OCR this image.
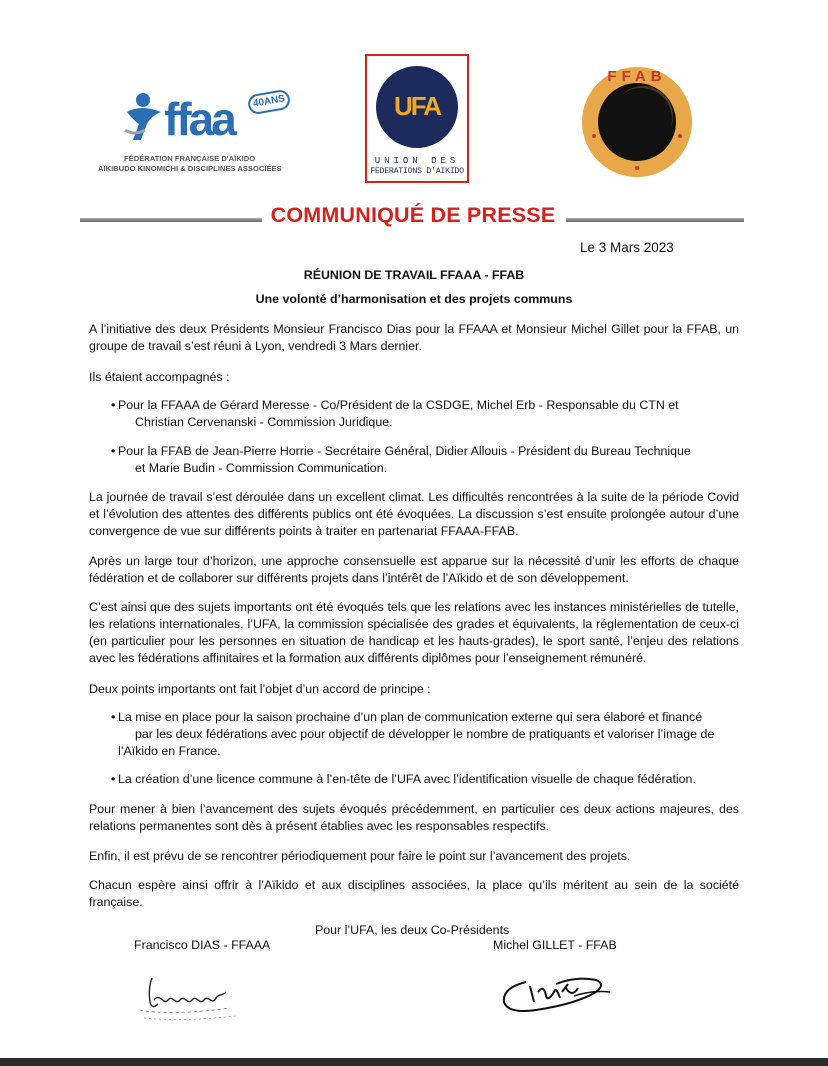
ffaa	40ANS
FÉDÉRATION FRANÇAISE D'AÏKIDO
AÏKIBUDO KINOMICHI & DISCIPLINES ASSOCIÉES
UFA
UNION DES
FEDERATIONS D'AIKIDO
FFAB
COMMUNIQUÉ DE PRESSE
Le 3 Mars 2023
RÉUNION DE TRAVAIL FFAAA - FFAB
Une volonté d’harmonisation et des projets communs

A l’initiative des deux Présidents Monsieur Francisco Dias pour la FFAAA et Monsieur Michel Gillet pour la FFAB, un groupe de travail s’est réuni à Lyon, vendredi 3 Mars dernier.

Ils étaient accompagnés :

• Pour la FFAAA de Gérard Meresse - Co/Président de la CSDGE, Michel Erb - Responsable du CTN et
Christian Cervenanski - Commission Juridique.
• Pour la FFAB de Jean-Pierre Horrie - Secrétaire Général, Didier Allouis - Président du Bureau Technique
et Marie Budin - Commission Communication.

La journée de travail s’est déroulée dans un excellent climat. Les difficultés rencontrées à la suite de la période Covid et l’évolution des attentes des différents publics ont été évoquées. La discussion s’est ensuite prolongée autour d’une convergence de vue sur différents points à traiter en partenariat FFAAA-FFAB.

Après un large tour d’horizon, une approche consensuelle est apparue sur la nécessité d’unir les efforts de chaque fédération et de collaborer sur différents projets dans l’intérêt de l’Aïkido et de son développement.

C’est ainsi que des sujets importants ont été évoqués tels que les relations avec les instances ministérielles de tutelle, les relations internationales, l’UFA, la commission spécialisée des grades et équivalents, la réglementation de ceux-ci (en particulier pour les personnes en situation de handicap et les hauts-grades), le sport santé, l’enjeu des relations avec les fédérations affinitaires et la formation aux différents diplômes pour l’enseignement rémunéré.

Deux points importants ont fait l’objet d’un accord de principe :

• La mise en place pour la saison prochaine d’un plan de communication externe qui sera élaboré et financé
par les deux fédérations avec pour objectif de développer le nombre de pratiquants et valoriser l’image de
l’Aïkido en France.
• La création d’une licence commune à l’en-tête de l’UFA avec l’identification visuelle de chaque fédération.

Pour mener à bien l’avancement des sujets évoqués précédemment, en particulier ces deux actions majeures, des relations permanentes sont dès à présent établies avec les responsables respectifs.

Enfin, il est prévu de se rencontrer périodiquement pour faire le point sur l’avancement des projets.

Chacun espère ainsi offrir à l’Aïkido et aux disciplines associées, la place qu’ils méritent au sein de la société française.

Pour l’UFA, les deux Co-Présidents
Francisco DIAS - FFAAA	Michel GILLET - FFAB
